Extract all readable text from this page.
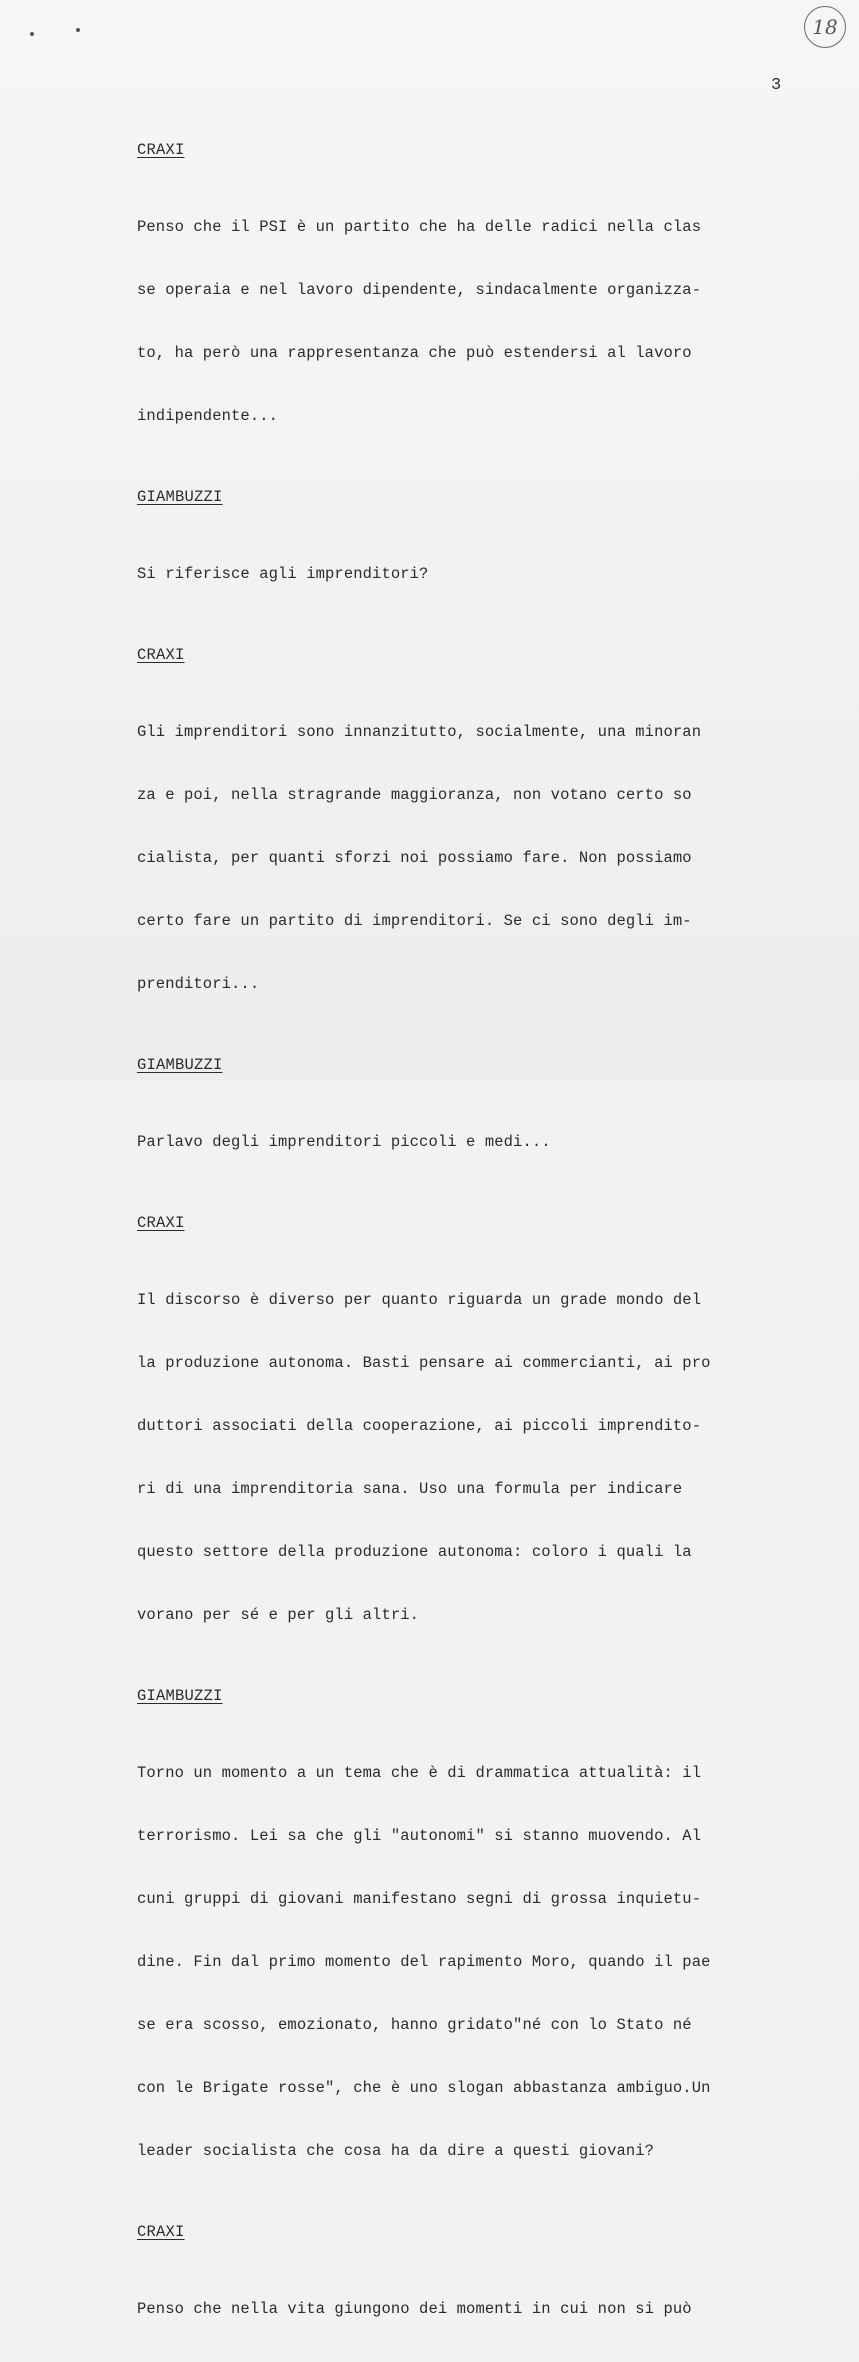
18
3
CRAXI

Penso che il PSI è un partito che ha delle radici nella clas

se operaia e nel lavoro dipendente, sindacalmente organizza-

to, ha però una rappresentanza che può estendersi al lavoro

indipendente...

GIAMBUZZI

Si riferisce agli imprenditori?

CRAXI

Gli imprenditori sono innanzitutto, socialmente, una minoran

za e poi, nella stragrande maggioranza, non votano certo so

cialista, per quanti sforzi noi possiamo fare. Non possiamo

certo fare un partito di imprenditori. Se ci sono degli im-

prenditori...

GIAMBUZZI

Parlavo degli imprenditori piccoli e medi...

CRAXI

Il discorso è diverso per quanto riguarda un grade mondo del

la produzione autonoma. Basti pensare ai commercianti, ai pro

duttori associati della cooperazione, ai piccoli imprendito-

ri di una imprenditoria sana. Uso una formula per indicare

questo settore della produzione autonoma: coloro i quali la

vorano per sé e per gli altri.

GIAMBUZZI

Torno un momento a un tema che è di drammatica attualità: il

terrorismo. Lei sa che gli "autonomi" si stanno muovendo. Al

cuni gruppi di giovani manifestano segni di grossa inquietu-

dine. Fin dal primo momento del rapimento Moro, quando il pae

se era scosso, emozionato, hanno gridato"né con lo Stato né

con le Brigate rosse", che è uno slogan abbastanza ambiguo.Un

leader socialista che cosa ha da dire a questi giovani?

CRAXI

Penso che nella vita giungono dei momenti in cui non si può
